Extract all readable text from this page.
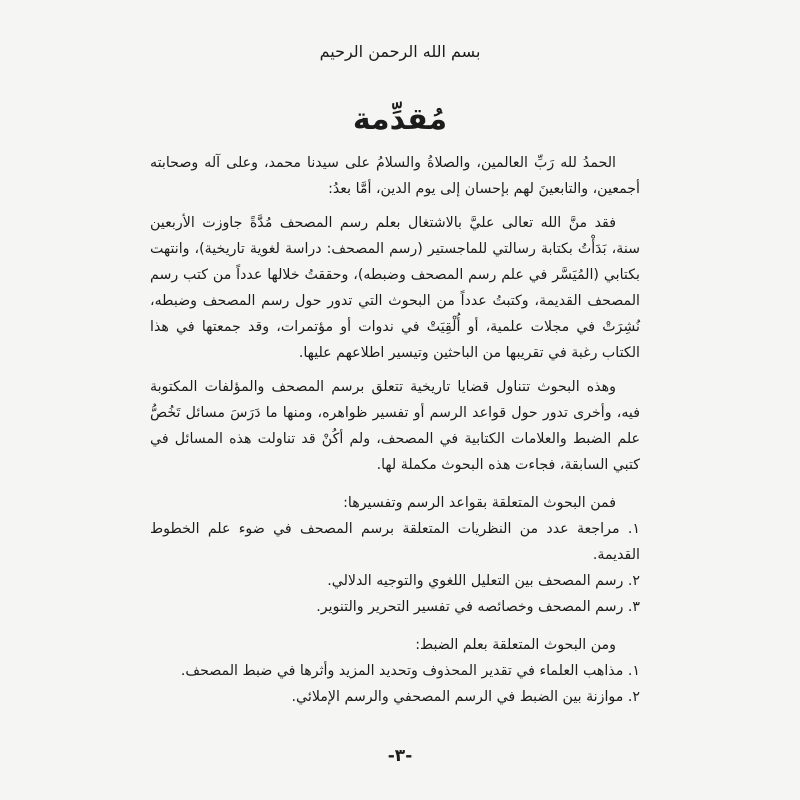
بسم الله الرحمن الرحيم
مُقدِّمة

الحمدُ لله رَبِّ العالمين، والصلاةُ والسلامُ على سيدنا محمد، وعلى آله وصحابته أجمعين، والتابعينَ لهم بإحسان إلى يوم الدين، أمَّا بعدُ:

فقد منَّ الله تعالى عليَّ بالاشتغال بعلم رسم المصحف مُدَّةً جاوزت الأربعين سنة، بَدَأْتُ بكتابة رسالتي للماجستير (رسم المصحف: دراسة لغوية تاريخية)، وانتهت بكتابي (المُيَسَّر في علم رسم المصحف وضبطه)، وحققتُ خلالها عدداً من كتب رسم المصحف القديمة، وكتبتُ عدداً من البحوث التي تدور حول رسم المصحف وضبطه، نُشِرَتْ في مجلات علمية، أو أُلْقِيَتْ في ندوات أو مؤتمرات، وقد جمعتها في هذا الكتاب رغبة في تقريبها من الباحثين وتيسير اطلاعهم عليها.

وهذه البحوث تتناول قضايا تاريخية تتعلق برسم المصحف والمؤلفات المكتوبة فيه، وأخرى تدور حول قواعد الرسم أو تفسير ظواهره، ومنها ما دَرَسَ مسائل تَخُصُّ علم الضبط والعلامات الكتابية في المصحف، ولم أكُنْ قد تناولت هذه المسائل في كتبي السابقة، فجاءت هذه البحوث مكملة لها.

فمن البحوث المتعلقة بقواعد الرسم وتفسيرها:

١. مراجعة عدد من النظريات المتعلقة برسم المصحف في ضوء علم الخطوط القديمة.
٢. رسم المصحف بين التعليل اللغوي والتوجيه الدلالي.
٣. رسم المصحف وخصائصه في تفسير التحرير والتنوير.

ومن البحوث المتعلقة بعلم الضبط:

١. مذاهب العلماء في تقدير المحذوف وتحديد المزيد وأثرها في ضبط المصحف.
٢. موازنة بين الضبط في الرسم المصحفي والرسم الإملائي.
-٣-
